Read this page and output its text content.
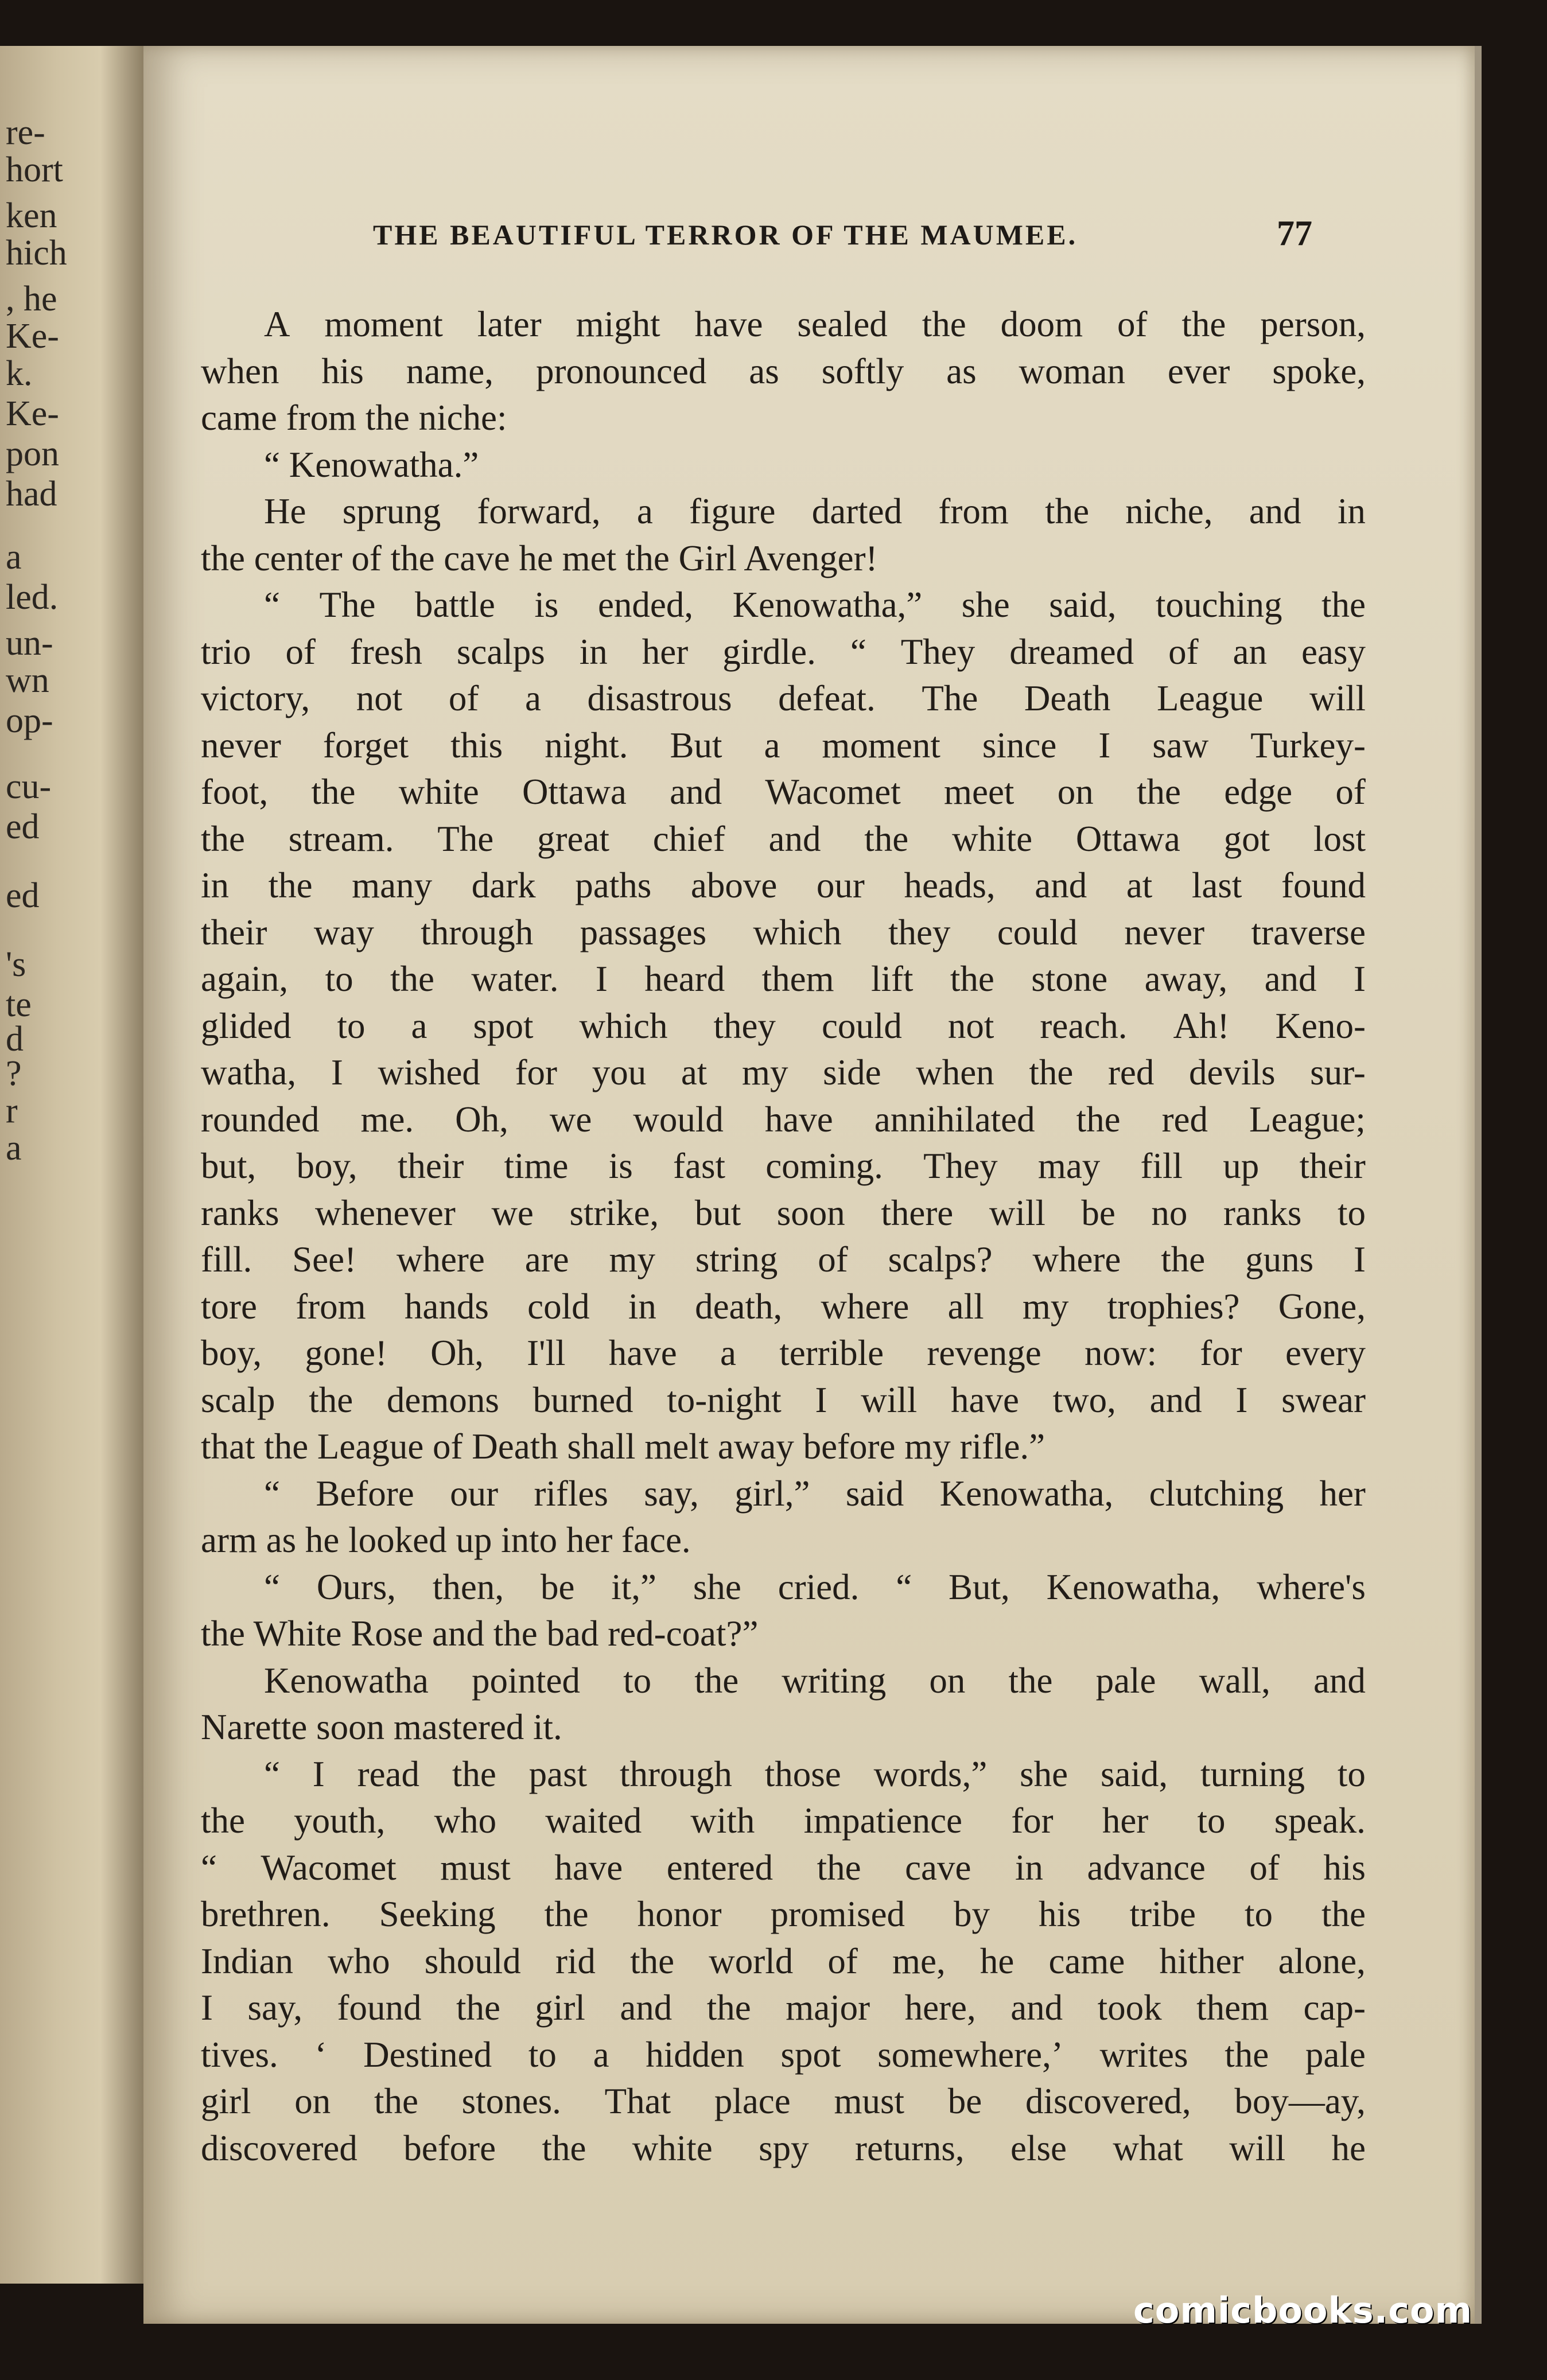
re-
hort
ken
hich
, he
Ke-
k.
Ke-
pon
had
a
led.
un-
wn
op-
cu-
ed
ed
's
te
d
?
r
a
THE BEAUTIFUL TERROR OF THE MAUMEE.	77
A moment later might have sealed the doom of the person,
when his name, pronounced as softly as woman ever spoke,
came from the niche:
“ Kenowatha.”
He sprung forward, a figure darted from the niche, and in
the center of the cave he met the Girl Avenger!
“ The battle is ended, Kenowatha,” she said, touching the
trio of fresh scalps in her girdle. “ They dreamed of an easy
victory, not of a disastrous defeat. The Death League will
never forget this night. But a moment since I saw Turkey-
foot, the white Ottawa and Wacomet meet on the edge of
the stream. The great chief and the white Ottawa got lost
in the many dark paths above our heads, and at last found
their way through passages which they could never traverse
again, to the water. I heard them lift the stone away, and I
glided to a spot which they could not reach. Ah! Keno-
watha, I wished for you at my side when the red devils sur-
rounded me. Oh, we would have annihilated the red League;
but, boy, their time is fast coming. They may fill up their
ranks whenever we strike, but soon there will be no ranks to
fill. See! where are my string of scalps? where the guns I
tore from hands cold in death, where all my trophies? Gone,
boy, gone! Oh, I'll have a terrible revenge now: for every
scalp the demons burned to-night I will have two, and I swear
that the League of Death shall melt away before my rifle.”
“ Before our rifles say, girl,” said Kenowatha, clutching her
arm as he looked up into her face.
“ Ours, then, be it,” she cried. “ But, Kenowatha, where's
the White Rose and the bad red-coat?”
Kenowatha pointed to the writing on the pale wall, and
Narette soon mastered it.
“ I read the past through those words,” she said, turning to
the youth, who waited with impatience for her to speak.
“ Wacomet must have entered the cave in advance of his
brethren. Seeking the honor promised by his tribe to the
Indian who should rid the world of me, he came hither alone,
I say, found the girl and the major here, and took them cap-
tives. ‘ Destined to a hidden spot somewhere,’ writes the pale
girl on the stones. That place must be discovered, boy—ay,
discovered before the white spy returns, else what will he
comicbooks.com
